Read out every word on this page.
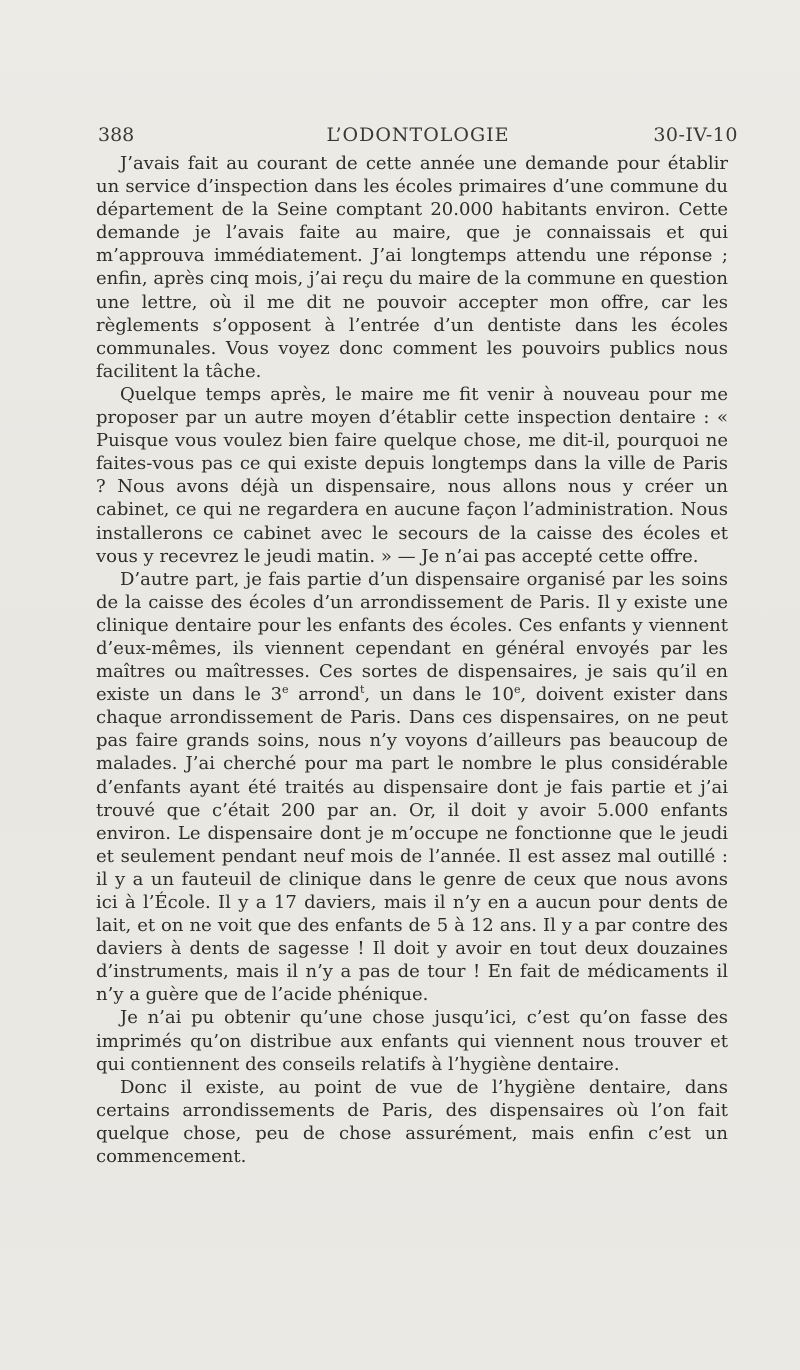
388	L’ODONTOLOGIE	30-IV-10

J’avais fait au courant de cette année une demande pour établir un service d’inspection dans les écoles primaires d’une commune du département de la Seine comptant 20.000 habitants environ. Cette demande je l’avais faite au maire, que je connaissais et qui m’approuva immédiatement. J’ai longtemps attendu une réponse ; enfin, après cinq mois, j’ai reçu du maire de la commune en question une lettre, où il me dit ne pouvoir accepter mon offre, car les règlements s’opposent à l’entrée d’un dentiste dans les écoles communales. Vous voyez donc comment les pouvoirs publics nous facilitent la tâche.

Quelque temps après, le maire me fit venir à nouveau pour me proposer par un autre moyen d’établir cette inspection dentaire : « Puisque vous voulez bien faire quelque chose, me dit-il, pourquoi ne faites-vous pas ce qui existe depuis longtemps dans la ville de Paris ? Nous avons déjà un dispensaire, nous allons nous y créer un cabinet, ce qui ne regardera en aucune façon l’administration. Nous installerons ce cabinet avec le secours de la caisse des écoles et vous y recevrez le jeudi matin. » — Je n’ai pas accepté cette offre.

D’autre part, je fais partie d’un dispensaire organisé par les soins de la caisse des écoles d’un arrondissement de Paris. Il y existe une clinique dentaire pour les enfants des écoles. Ces enfants y viennent d’eux-mêmes, ils viennent cependant en général envoyés par les maîtres ou maîtresses. Ces sortes de dispensaires, je sais qu’il en existe un dans le 3e arrond$^t$, un dans le 10e, doivent exister dans chaque arrondissement de Paris. Dans ces dispensaires, on ne peut pas faire grands soins, nous n’y voyons d’ailleurs pas beaucoup de malades. J’ai cherché pour ma part le nombre le plus considérable d’enfants ayant été traités au dispensaire dont je fais partie et j’ai trouvé que c’était 200 par an. Or, il doit y avoir 5.000 enfants environ. Le dispensaire dont je m’occupe ne fonctionne que le jeudi et seulement pendant neuf mois de l’année. Il est assez mal outillé : il y a un fauteuil de clinique dans le genre de ceux que nous avons ici à l’École. Il y a 17 daviers, mais il n’y en a aucun pour dents de lait, et on ne voit que des enfants de 5 à 12 ans. Il y a par contre des daviers à dents de sagesse ! Il doit y avoir en tout deux douzaines d’instruments, mais il n’y a pas de tour ! En fait de médicaments il n’y a guère que de l’acide phénique.

Je n’ai pu obtenir qu’une chose jusqu’ici, c’est qu’on fasse des imprimés qu’on distribue aux enfants qui viennent nous trouver et qui contiennent des conseils relatifs à l’hygiène dentaire.

Donc il existe, au point de vue de l’hygiène dentaire, dans certains arrondissements de Paris, des dispensaires où l’on fait quelque chose, peu de chose assurément, mais enfin c’est un commencement.
